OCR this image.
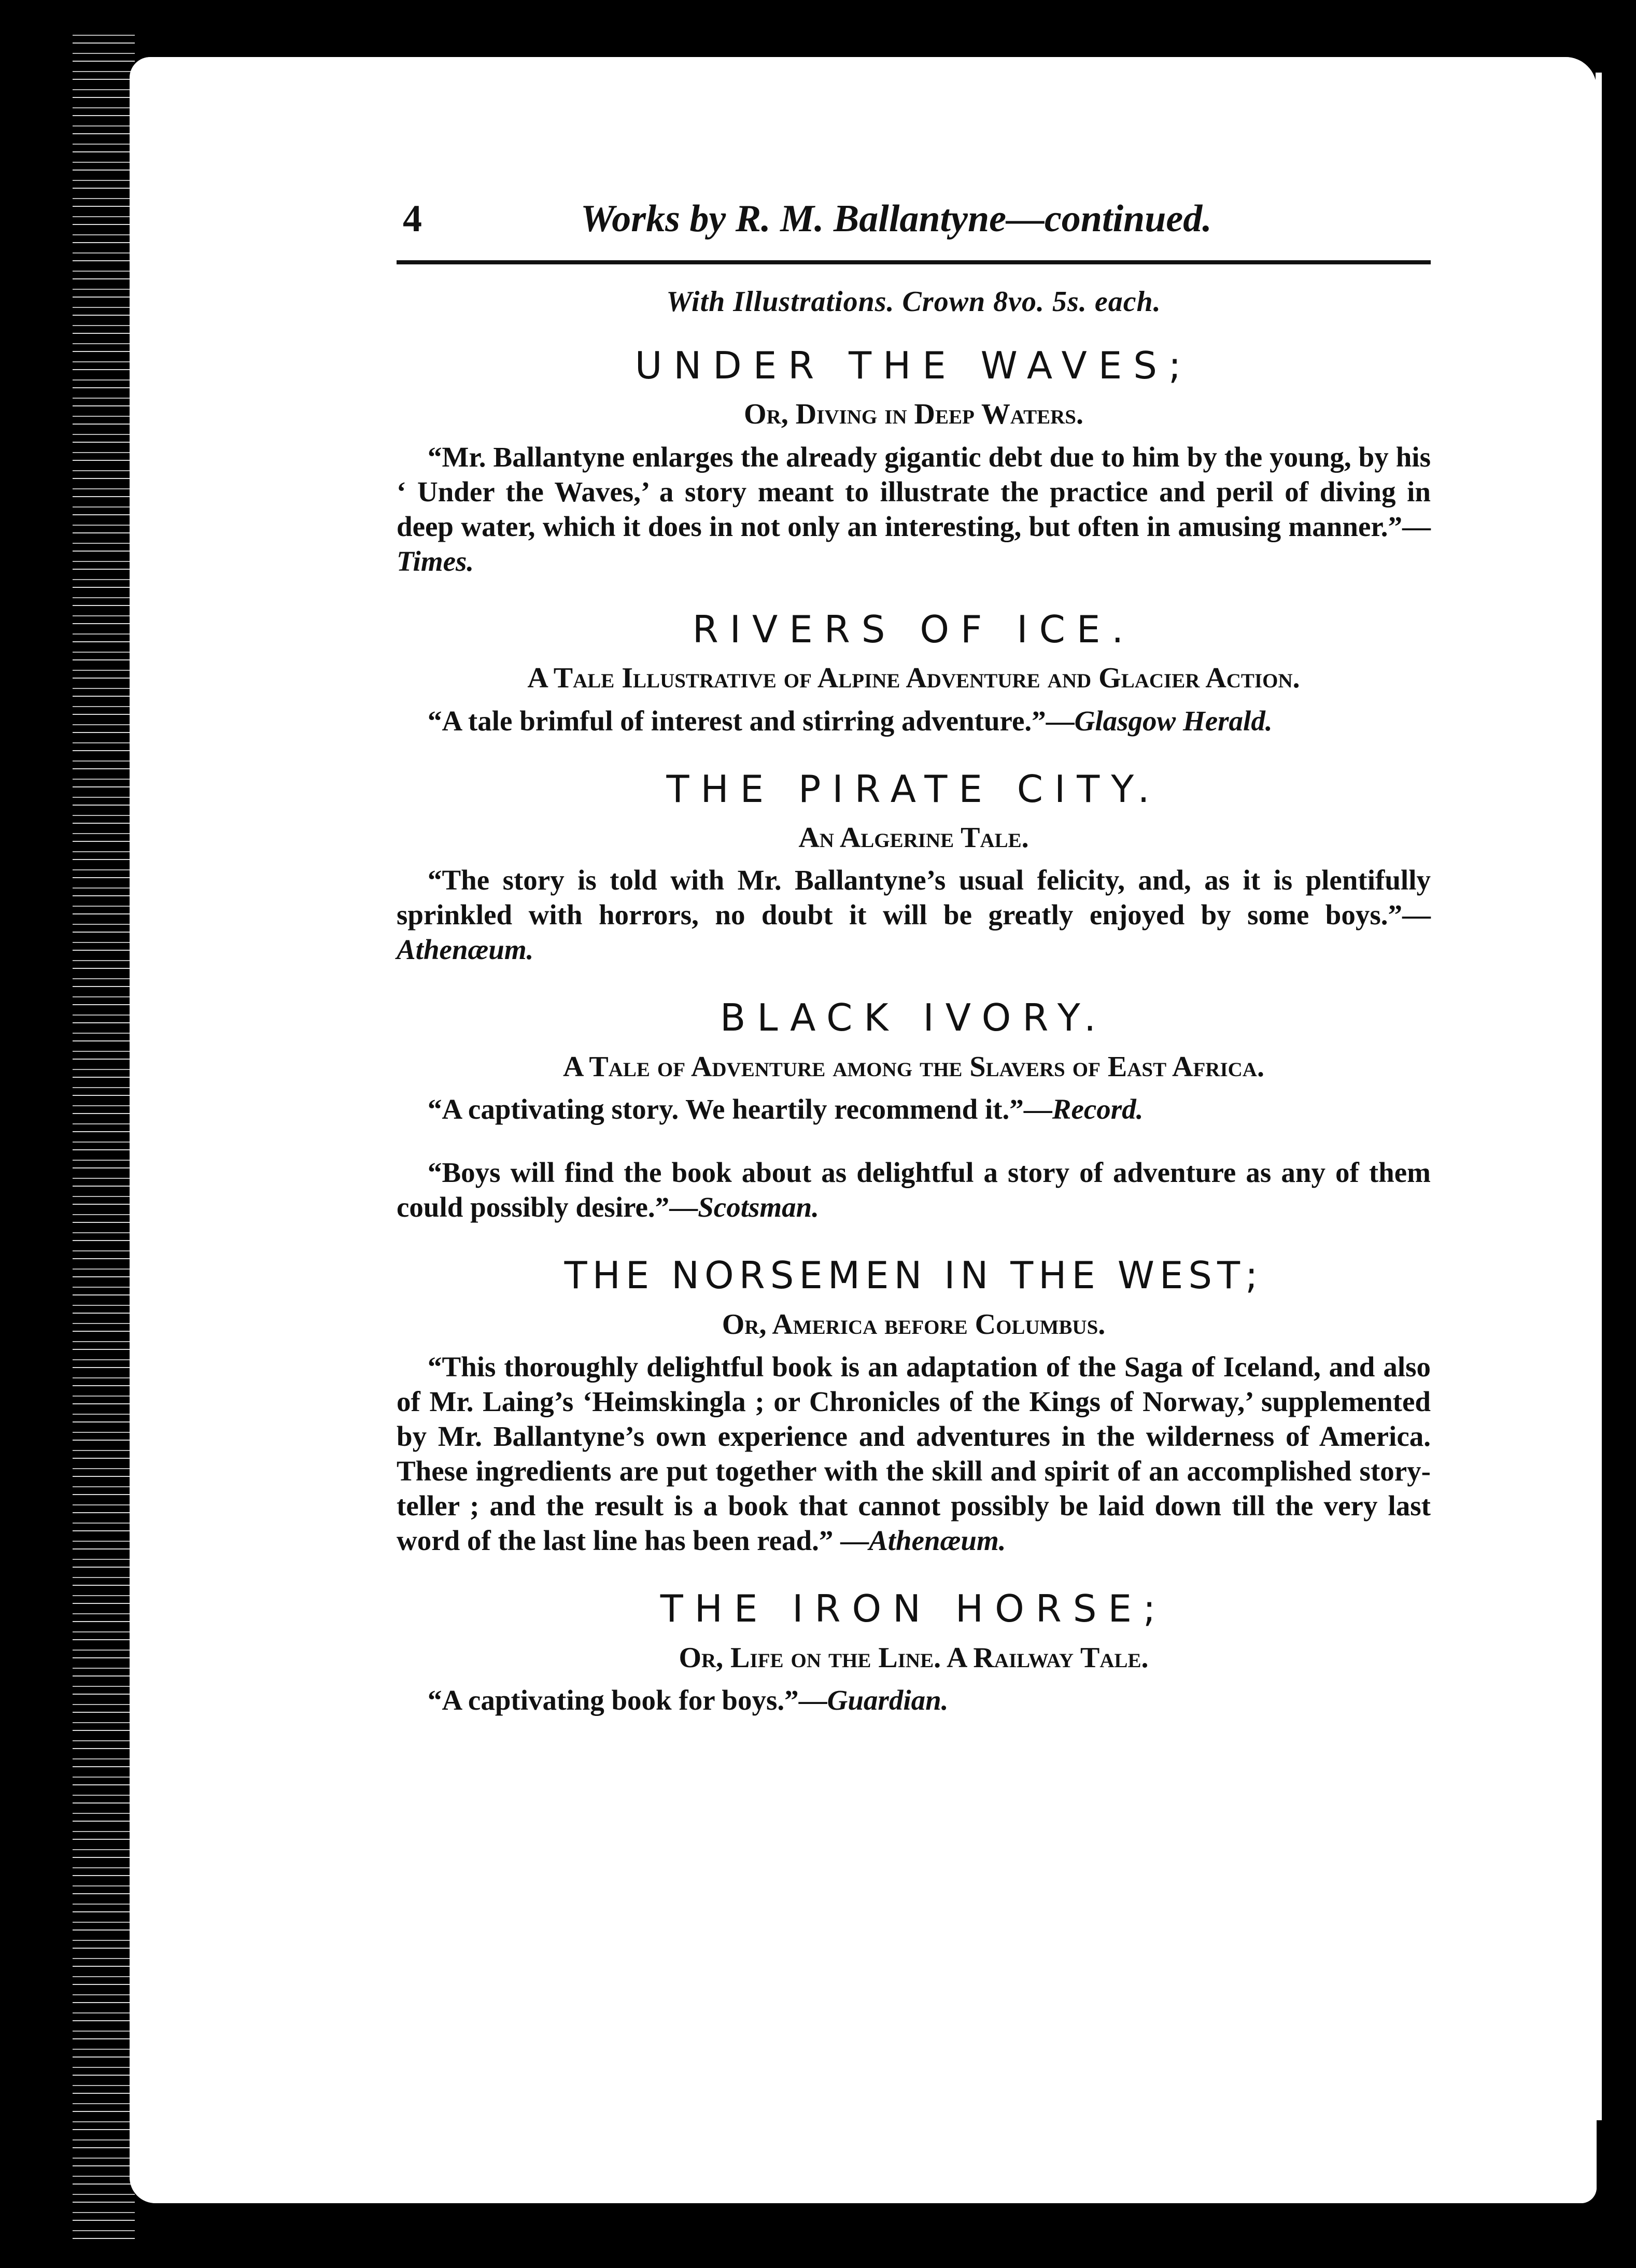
4	Works by R. M. Ballantyne—continued.
With Illustrations. Crown 8vo. 5s. each.
UNDER THE WAVES;
Or, Diving in Deep Waters.

“Mr. Ballantyne enlarges the already gigantic debt due to him by the young, by his ‘ Under the Waves,’ a story meant to illustrate the practice and peril of diving in deep water, which it does in not only an interesting, but often in amusing manner.”—Times.

RIVERS OF ICE.
A Tale Illustrative of Alpine Adventure and Glacier Action.

“A tale brimful of interest and stirring adventure.”—Glasgow Herald.

THE PIRATE CITY.
An Algerine Tale.

“The story is told with Mr. Ballantyne’s usual felicity, and, as it is plentifully sprinkled with horrors, no doubt it will be greatly enjoyed by some boys.”—Athenæum.

BLACK IVORY.
A Tale of Adventure among the Slavers of East Africa.

“A captivating story. We heartily recommend it.”—Record.

“Boys will find the book about as delightful a story of adventure as any of them could possibly desire.”—Scotsman.

THE NORSEMEN IN THE WEST;
Or, America before Columbus.

“This thoroughly delightful book is an adaptation of the Saga of Iceland, and also of Mr. Laing’s ‘Heimskingla ; or Chronicles of the Kings of Norway,’ supplemented by Mr. Ballantyne’s own experience and adventures in the wilderness of America. These ingredients are put together with the skill and spirit of an accomplished story-teller ; and the result is a book that cannot possibly be laid down till the very last word of the last line has been read.” —Athenæum.

THE IRON HORSE;
Or, Life on the Line. A Railway Tale.

“A captivating book for boys.”—Guardian.
